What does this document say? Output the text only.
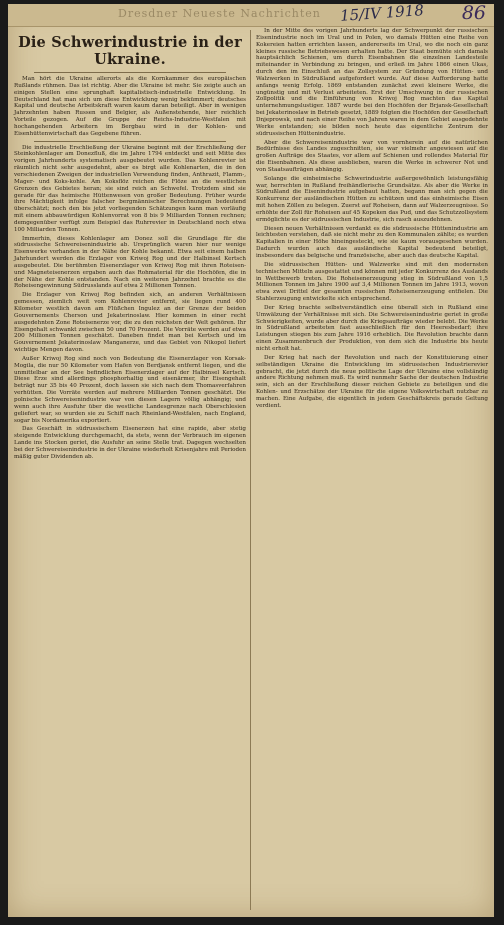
Dresdner Neueste Nachrichten 15/IV 1918 86
Die Schwerindustrie in der Ukraine.

Man hört die Ukraine allerorts als die Kornkammer des europäischen Rußlands rühmen. Das ist richtig. Aber die Ukraine ist mehr. Sie zeigte auch an einigen Stellen eine sprunghaft kapitalistisch-industrielle Entwicklung. In Deutschland hat man sich um diese Entwicklung wenig bekümmert; deutsches Kapital und deutsche Arbeitskraft waren kaum daran beteiligt. Aber in wenigen Jahrzehnten haben Russen und Belgier, als Außenstehende, hier reichlich Vorteile gezogen. Auf die Gruppe der Reichs-Industrie-Westfalen mit hochangehenden Arbeitern im Bergbau wird in der Kohlen- und Eisenhüttenwirtschaft das Gegebene führen.

Die industrielle Erschließung der Ukraine beginnt mit der Erschließung der Steinkohlenlager am Donezfluß, die im Jahre 1794 entdeckt und seit Mitte des vorigen Jahrhunderts systematisch ausgebeutet wurden. Das Kohlenrevier ist räumlich nicht sehr ausgedehnt, aber es birgt alle Kohlenarten, die in den verschiedenen Zweigen der industriellen Verwendung finden, Anthrazit, Flamm-, Mager- und Koks-kohle. Am Koksflöz reichen die Flöze an die westlichen Grenzen des Gebietes heran; sie sind reich an Schwefel. Trotzdem sind sie gerade für das heimische Hüttenwesen von großer Bedeutung. Früher wurde ihre Mächtigkeit infolge falscher bergmännischer Berechnungen bedeutend überschätzt; noch den bis jetzt vorliegenden Schätzungen kann man vorläufig mit einem abbauwürdigen Kohlenvorrat von 8 bis 9 Milliarden Tonnen rechnen; demgegenüber verfügt zum Beispiel das Ruhrrevier in Deutschland noch etwa 100 Milliarden Tonnen.

Immerhin, dieses Kohlenlager am Donez soll die Grundlage für die südrussische Schwereisenindustrie ab. Ursprünglich waren hier nur wenige Eisenwerke vorhanden in der Nähe der Kohle bekannt. Etwa seit einem halben Jahrhundert werden die Erzlager von Kriwoj Rog und der Halbinsel Kertsch ausgebeutet. Die berühmten Eisenerzlager von Kriwoj Rog mit ihren Roteisen- und Magneteisenerzen ergaben auch das Rohmaterial für die Hochöfen, die in der Nähe der Kohle entstanden. Nach ein weiteren Jahrzehnt brachte es die Roheisengewinnung Südrusslands auf etwa 2 Millionen Tonnen.

Die Erzlager von Kriwoj Rog befinden sich, an anderen Verhältnissen gemessen, ziemlich weit vom Kohlenrevier entfernt, sie liegen rund 400 Kilometer westlich davon am Flüßchen Ingulez an der Grenze der beiden Gouvernements Cherson und Jekaterinoslaw. Hier kommen in einer recht ausgedehnten Zone Roteisenerze vor, die zu den reichsten der Welt gehören. Ihr Eisengehalt schwankt zwischen 50 und 70 Prozent. Die Vorräte werden auf etwa 200 Millionen Tonnen geschätzt. Daneben findet man bei Kertsch und im Gouvernement Jekaterinoslaw Manganerze, und das Gebiet von Nikopol liefert wichtige Mengen davon.

Außer Kriwoj Rog sind noch von Bedeutung die Eisenerzlager von Korsak-Mogila, die nur 50 Kilometer vom Hafen von Berdjansk entfernt liegen, und die unmittelbar an der See befindlichen Eisenerzlager auf der Halbinsel Kertsch. Diese Erze sind allerdings phosphorhaltig und eisenärmer, ihr Eisengehalt beträgt nur 35 bis 40 Prozent, doch lassen sie sich nach dem Thomasverfahren verhütten. Die Vorräte werden auf mehrere Milliarden Tonnen geschätzt. Die polnische Schwereisenindustrie war von diesen Lagern völlig abhängig; und wenn auch ihre Ausfuhr über die westliche Landesgrenze nach Oberschlesien geliefert war, so wurden sie zu Schiff nach Rheinland-Westfalen, nach England, sogar bis Nordamerika exportiert.

Das Geschäft in südrussischem Eisenerzen hat eine rapide, aber stetig steigende Entwicklung durchgemacht, da stets, wenn der Verbrauch im eigenen Lande ins Stocken geriet, die Ausfuhr an seine Stelle trat. Dagegen wechselten bei der Schwereisenindustrie in der Ukraine wiederholt Krisenjahre mit Perioden mäßig guter Dividenden ab.

In der Mitte des vorigen Jahrhunderts lag der Schwerpunkt der russischen Eisenindustrie noch im Ural und in Polen, wo damals Hütten eine Reihe von Kokereien hatten errichten lassen, andererseits im Ural, wo die noch ein ganz kleines russische Betriebswesen erhalten hatte. Der Staat bemühte sich damals hauptsächlich Schienen, um durch Eisenbahnen die einzelnen Landesteile miteinander in Verbindung zu bringen, und erließ im Jahre 1866 einen Ukas, durch den im Einschluß an das Zollsystem zur Gründung von Hütten- und Walzwerken in Südrußland aufgefordert wurde. Auf diese Aufforderung hatte anfangs wenig Erfolg. 1869 entstanden zunächst zwei kleinere Werke, die ungünstig und mit Verlust arbeiteten. Erst der Umschwung in der russischen Zollpolitik und die Einführung von Kriwoj Rog machten das Kapital unternehmungslustiger. 1887 wurde bei den Hochöfen der Brjansk-Gesellschaft bei Jekaterinoslaw in Betrieb gesetzt, 1889 folgten die Hochöfen der Gesellschaft Dnjeprowsk, und nach einer Reihe von Jahren waren in dem Gebiet ausgedehnte Werke entstanden; sie bilden noch heute das eigentliche Zentrum der südrussischen Hüttenindustrie.

Aber die Schwereisenindustrie war von vornherein auf die natürlichen Bedürfnisse des Landes zugeschnitten, sie war vielmehr angewiesen auf die großen Aufträge des Staates, vor allem auf Schienen und rollendes Material für die Eisenbahnen. Als diese ausblieben, waren die Werke in schwerer Not und von Staatsaufträgen abhängig.

Solange die einheimische Schwerindustrie außergewöhnlich leistungsfähig war, herrschten in Rußland freihändlerische Grundsätze. Als aber die Werke in Südrußland die Eisenindustrie aufgebaut hatten, begann man sich gegen die Konkurrenz der ausländischen Hütten zu schützen und das einheimische Eisen mit hohen Zöllen zu belegen. Zuerst auf Roheisen, dann auf Walzerzeugnisse. So erhöhte der Zoll für Roheisen auf 45 Kopeken das Pud, und das Schutzzollsystem ermöglichte es der südrussischen Industrie, sich rasch auszudehnen.

Diesen neuen Verhältnissen verdankt es die südrussische Hüttenindustrie am leichtesten verstehen, daß sie nicht mehr zu den Kommunalen zählte; es wurden Kapitalien in einer Höhe hineingesteckt, wie sie kaum vorausgesehen wurden. Dadurch wurden auch das ausländische Kapital bedeutend beteiligt, insbesondere das belgische und französische, aber auch das deutsche Kapital.

Die südrussischen Hütten- und Walzwerke sind mit den modernsten technischen Mitteln ausgestattet und können mit jeder Konkurrenz des Auslands in Wettbewerb treten. Die Roheisenerzeugung stieg in Südrußland von 1,5 Millionen Tonnen im Jahre 1900 auf 3,4 Millionen Tonnen im Jahre 1913, wovon etwa zwei Drittel der gesamten russischen Roheisenerzeugung entfielen. Die Stahlerzeugung entwickelte sich entsprechend.

Der Krieg brachte selbstverständlich eine überall sich in Rußland eine Umwälzung der Verhältnisse mit sich. Die Schwereisenindustrie geriet in große Schwierigkeiten, wurde aber durch die Kriegsaufträge wieder belebt. Die Werke in Südrußland arbeiteten fast ausschließlich für den Heeresbedarf; ihre Leistungen stiegen bis zum Jahre 1916 erheblich. Die Revolution brachte dann einen Zusammenbruch der Produktion, von dem sich die Industrie bis heute nicht erholt hat.

Der Krieg hat nach der Revolution und nach der Konstituierung einer selbständigen Ukraine die Entwicklung im südrussischen Industrierevier gebracht, die jetzt durch die neue politische Lage der Ukraine eine vollständig andere Richtung nehmen muß. Es wird nunmehr Sache der deutschen Industrie sein, sich an der Erschließung dieser reichen Gebiete zu beteiligen und die Kohlen- und Erzschätze der Ukraine für die eigene Volkswirtschaft nutzbar zu machen. Eine Aufgabe, die eigentlich in jedem Geschäftskreis gerade Geltung verdient.
